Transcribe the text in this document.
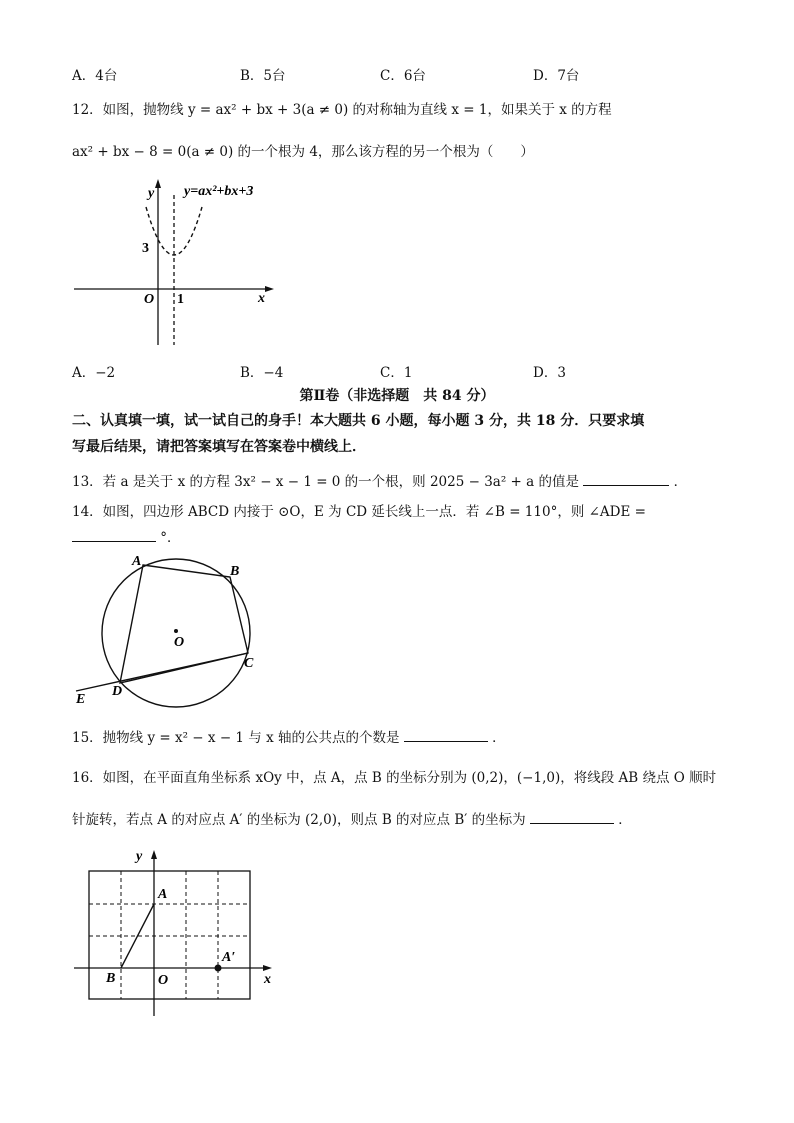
A．4台	B．5台	C．6台	D．7台
12．如图，抛物线 y = ax² + bx + 3(a ≠ 0) 的对称轴为直线 x = 1，如果关于 x 的方程
ax² + bx − 8 = 0(a ≠ 0) 的一个根为 4，那么该方程的另一个根为（　　）
y y=ax²+bx+3
3
O 1	x
A．−2	B．−4	C．1	D．3
第Ⅱ卷（非选择题　共 84 分）
二、认真填一填，试一试自己的身手！本大题共 6 小题，每小题 3 分，共 18 分．只要求填
写最后结果，请把答案填写在答案卷中横线上．
13．若 a 是关于 x 的方程 3x² − x − 1 = 0 的一个根，则 2025 − 3a² + a 的值是	．
14．如图，四边形 ABCD 内接于 ⊙O，E 为 CD 延长线上一点．若 ∠B = 110°，则 ∠ADE =
°．
A
B
C
D
E
O
15．抛物线 y = x² − x − 1 与 x 轴的公共点的个数是	．
16．如图，在平面直角坐标系 xOy 中，点 A，点 B 的坐标分别为 (0,2)，(−1,0)，将线段 AB 绕点 O 顺时
针旋转，若点 A 的对应点 A′ 的坐标为 (2,0)，则点 B 的对应点 B′ 的坐标为	．
y
x
A
B	O
A′
